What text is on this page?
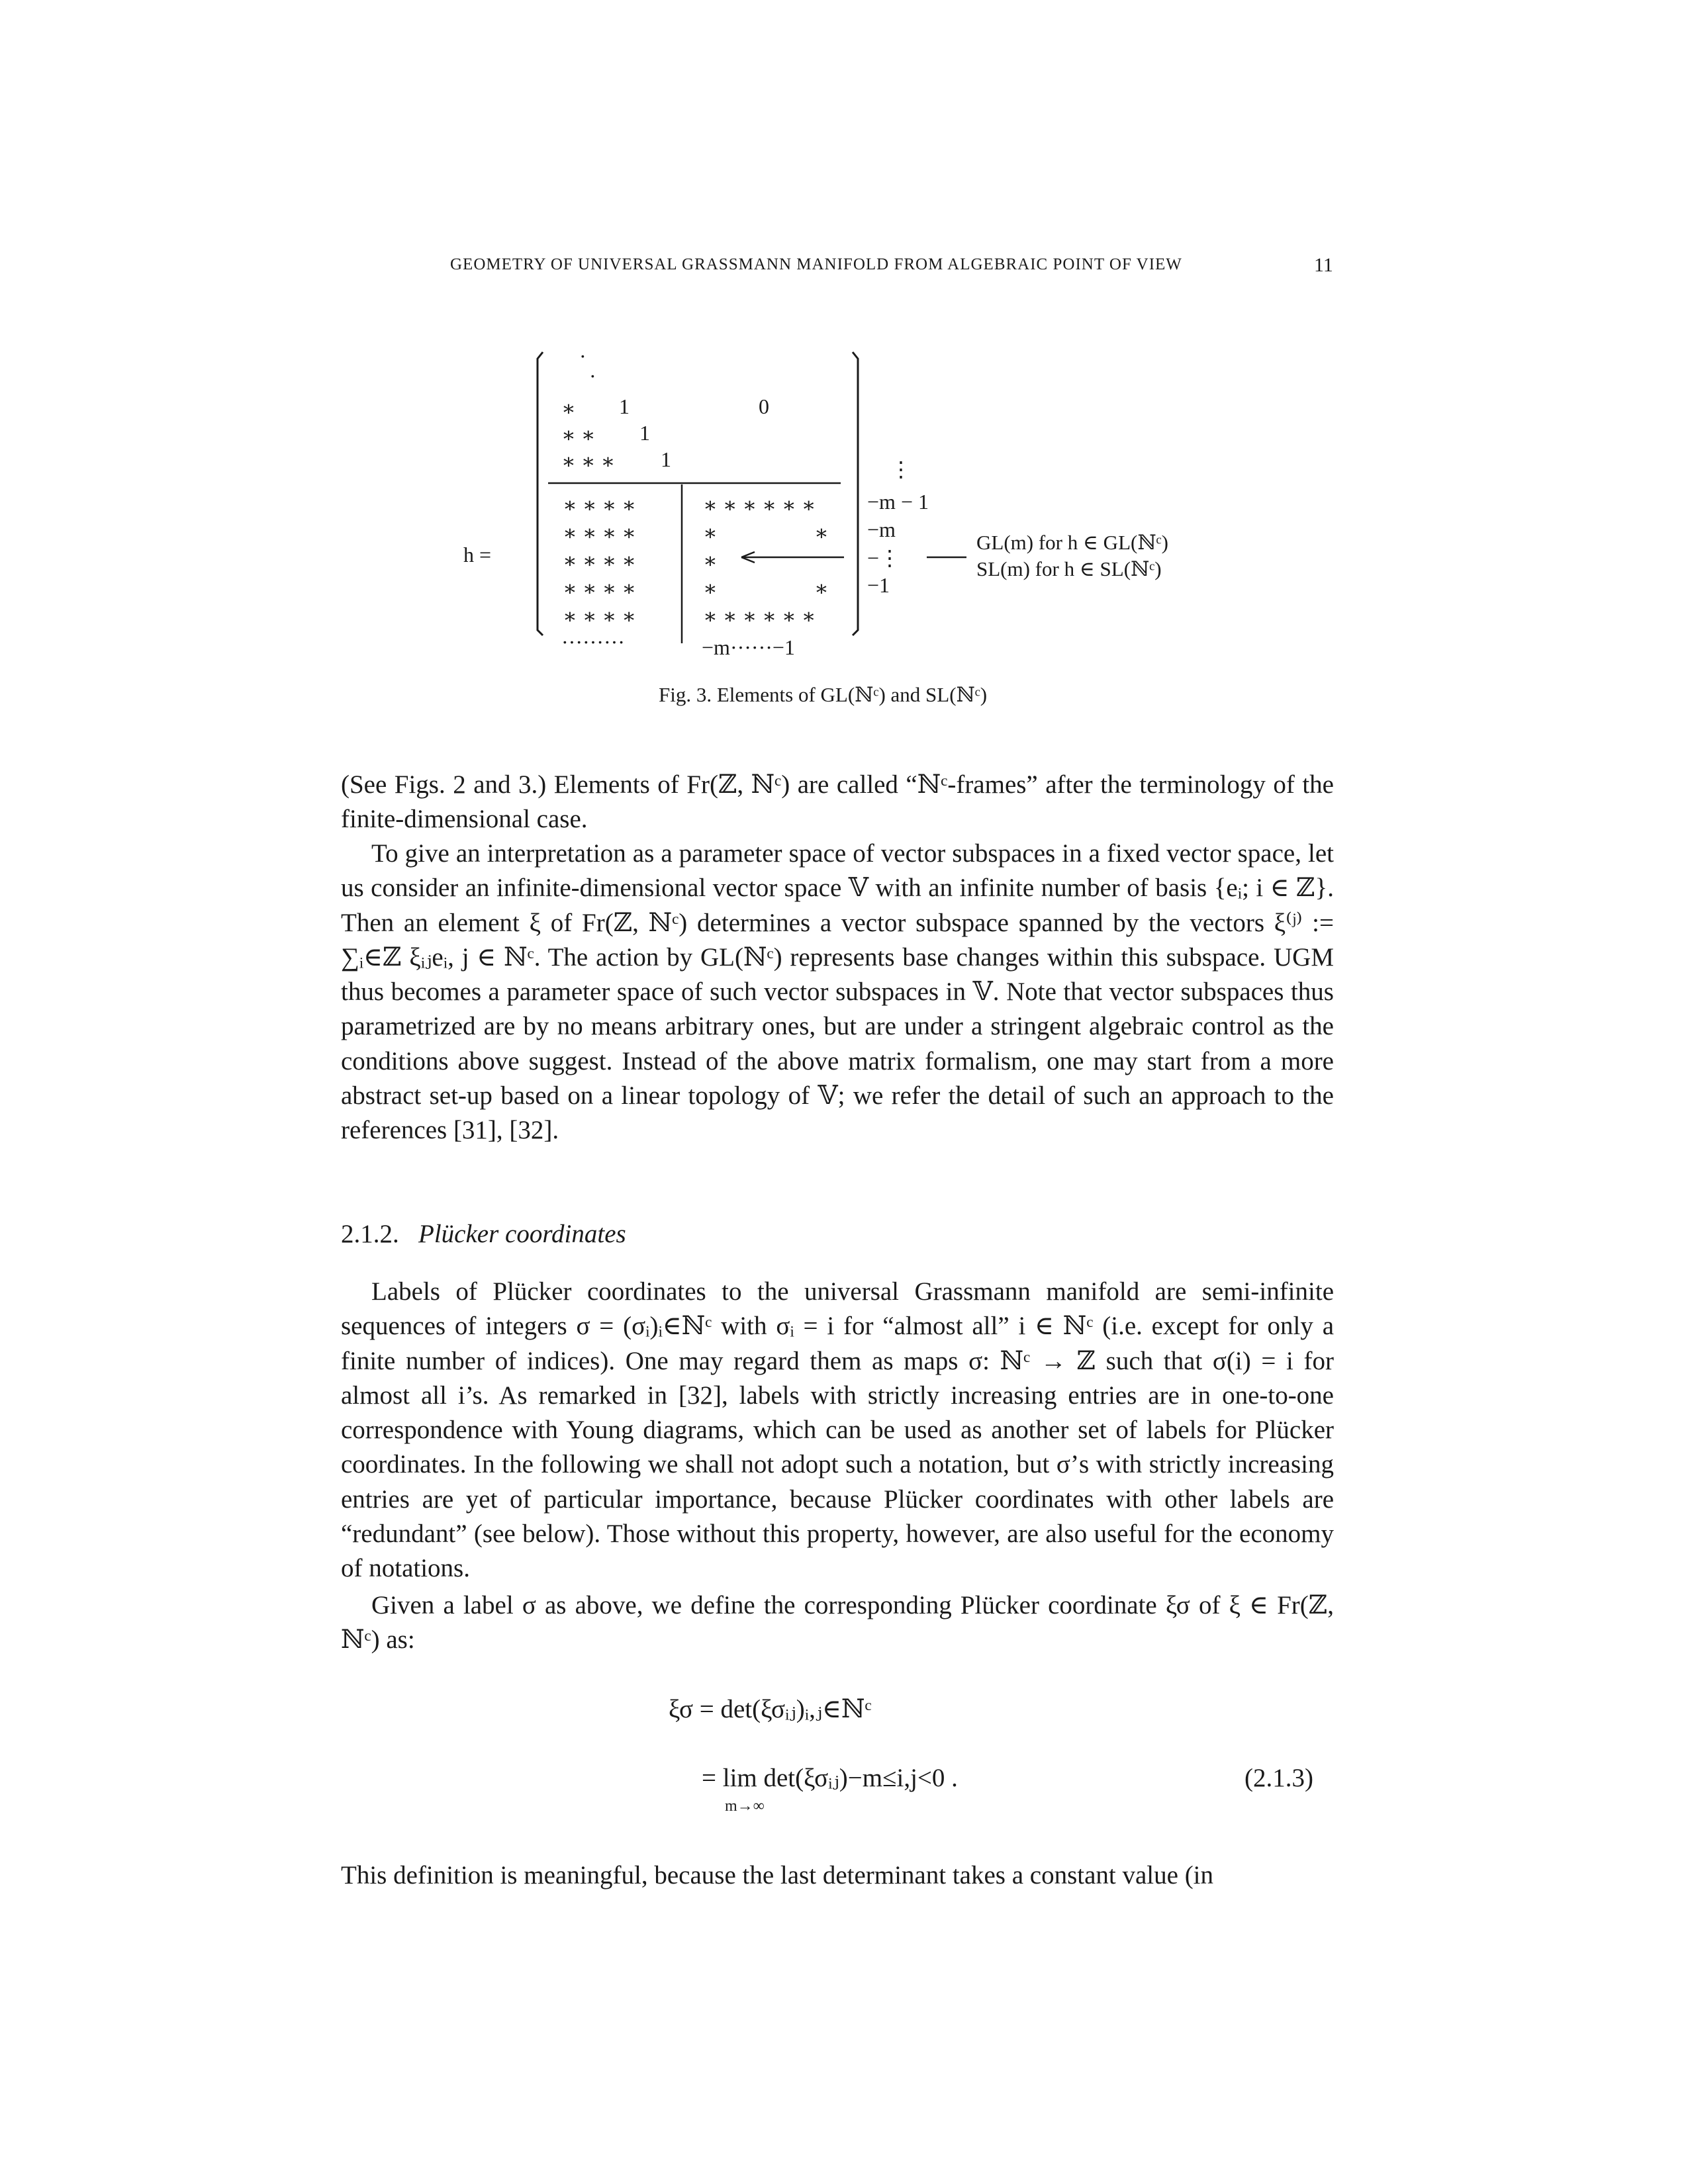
GEOMETRY OF UNIVERSAL GRASSMANN MANIFOLD FROM ALGEBRAIC POINT OF VIEW	11
h =
·
·
∗ 1
∗ ∗ 1
∗ ∗ ∗ 1
0
∗ ∗ ∗ ∗
∗ ∗ ∗ ∗
∗ ∗ ∗ ∗
∗ ∗ ∗ ∗
∗ ∗ ∗ ∗
∗ ∗ ∗ ∗ ∗ ∗
∗	∗
∗
∗	∗
∗ ∗ ∗ ∗ ∗ ∗
⋮
−m − 1
−m
−⋮
−1
·········	−m······−1
GL(m) for h ∈ GL(ℕᶜ)
SL(m) for h ∈ SL(ℕᶜ)
Fig. 3. Elements of GL(ℕᶜ) and SL(ℕᶜ)

(See Figs. 2 and 3.) Elements of Fr(ℤ, ℕᶜ) are called “ℕᶜ-frames” after the terminology of the finite-dimensional case.

To give an interpretation as a parameter space of vector subspaces in a fixed vector space, let us consider an infinite-dimensional vector space 𝕍 with an infinite number of basis {eᵢ; i ∈ ℤ}. Then an element ξ of Fr(ℤ, ℕᶜ) determines a vector subspace spanned by the vectors ξ⁽ʲ⁾ := ∑ᵢ∈ℤ ξᵢⱼeᵢ, j ∈ ℕᶜ. The action by GL(ℕᶜ) represents base changes within this subspace. UGM thus becomes a parameter space of such vector subspaces in 𝕍. Note that vector subspaces thus parametrized are by no means arbitrary ones, but are under a stringent algebraic control as the conditions above suggest. Instead of the above matrix formalism, one may start from a more abstract set-up based on a linear topology of 𝕍; we refer the detail of such an approach to the references [31], [32].

2.1.2. Plücker coordinates

Labels of Plücker coordinates to the universal Grassmann manifold are semi-infinite sequences of integers σ = (σᵢ)ᵢ∈ℕᶜ with σᵢ = i for “almost all” i ∈ ℕᶜ (i.e. except for only a finite number of indices). One may regard them as maps σ: ℕᶜ → ℤ such that σ(i) = i for almost all i’s. As remarked in [32], labels with strictly increasing entries are in one-to-one correspondence with Young diagrams, which can be used as another set of labels for Plücker coordinates. In the following we shall not adopt such a notation, but σ’s with strictly increasing entries are yet of particular importance, because Plücker coordinates with other labels are “redundant” (see below). Those without this property, however, are also useful for the economy of notations.

Given a label σ as above, we define the corresponding Plücker coordinate ξσ of ξ ∈ Fr(ℤ, ℕᶜ) as:

ξσ = det(ξσᵢⱼ)ᵢ,ⱼ∈ℕᶜ
= lim det(ξσᵢⱼ)−m≤i,j<0 .
m→∞
(2.1.3)

This definition is meaningful, because the last determinant takes a constant value (in
